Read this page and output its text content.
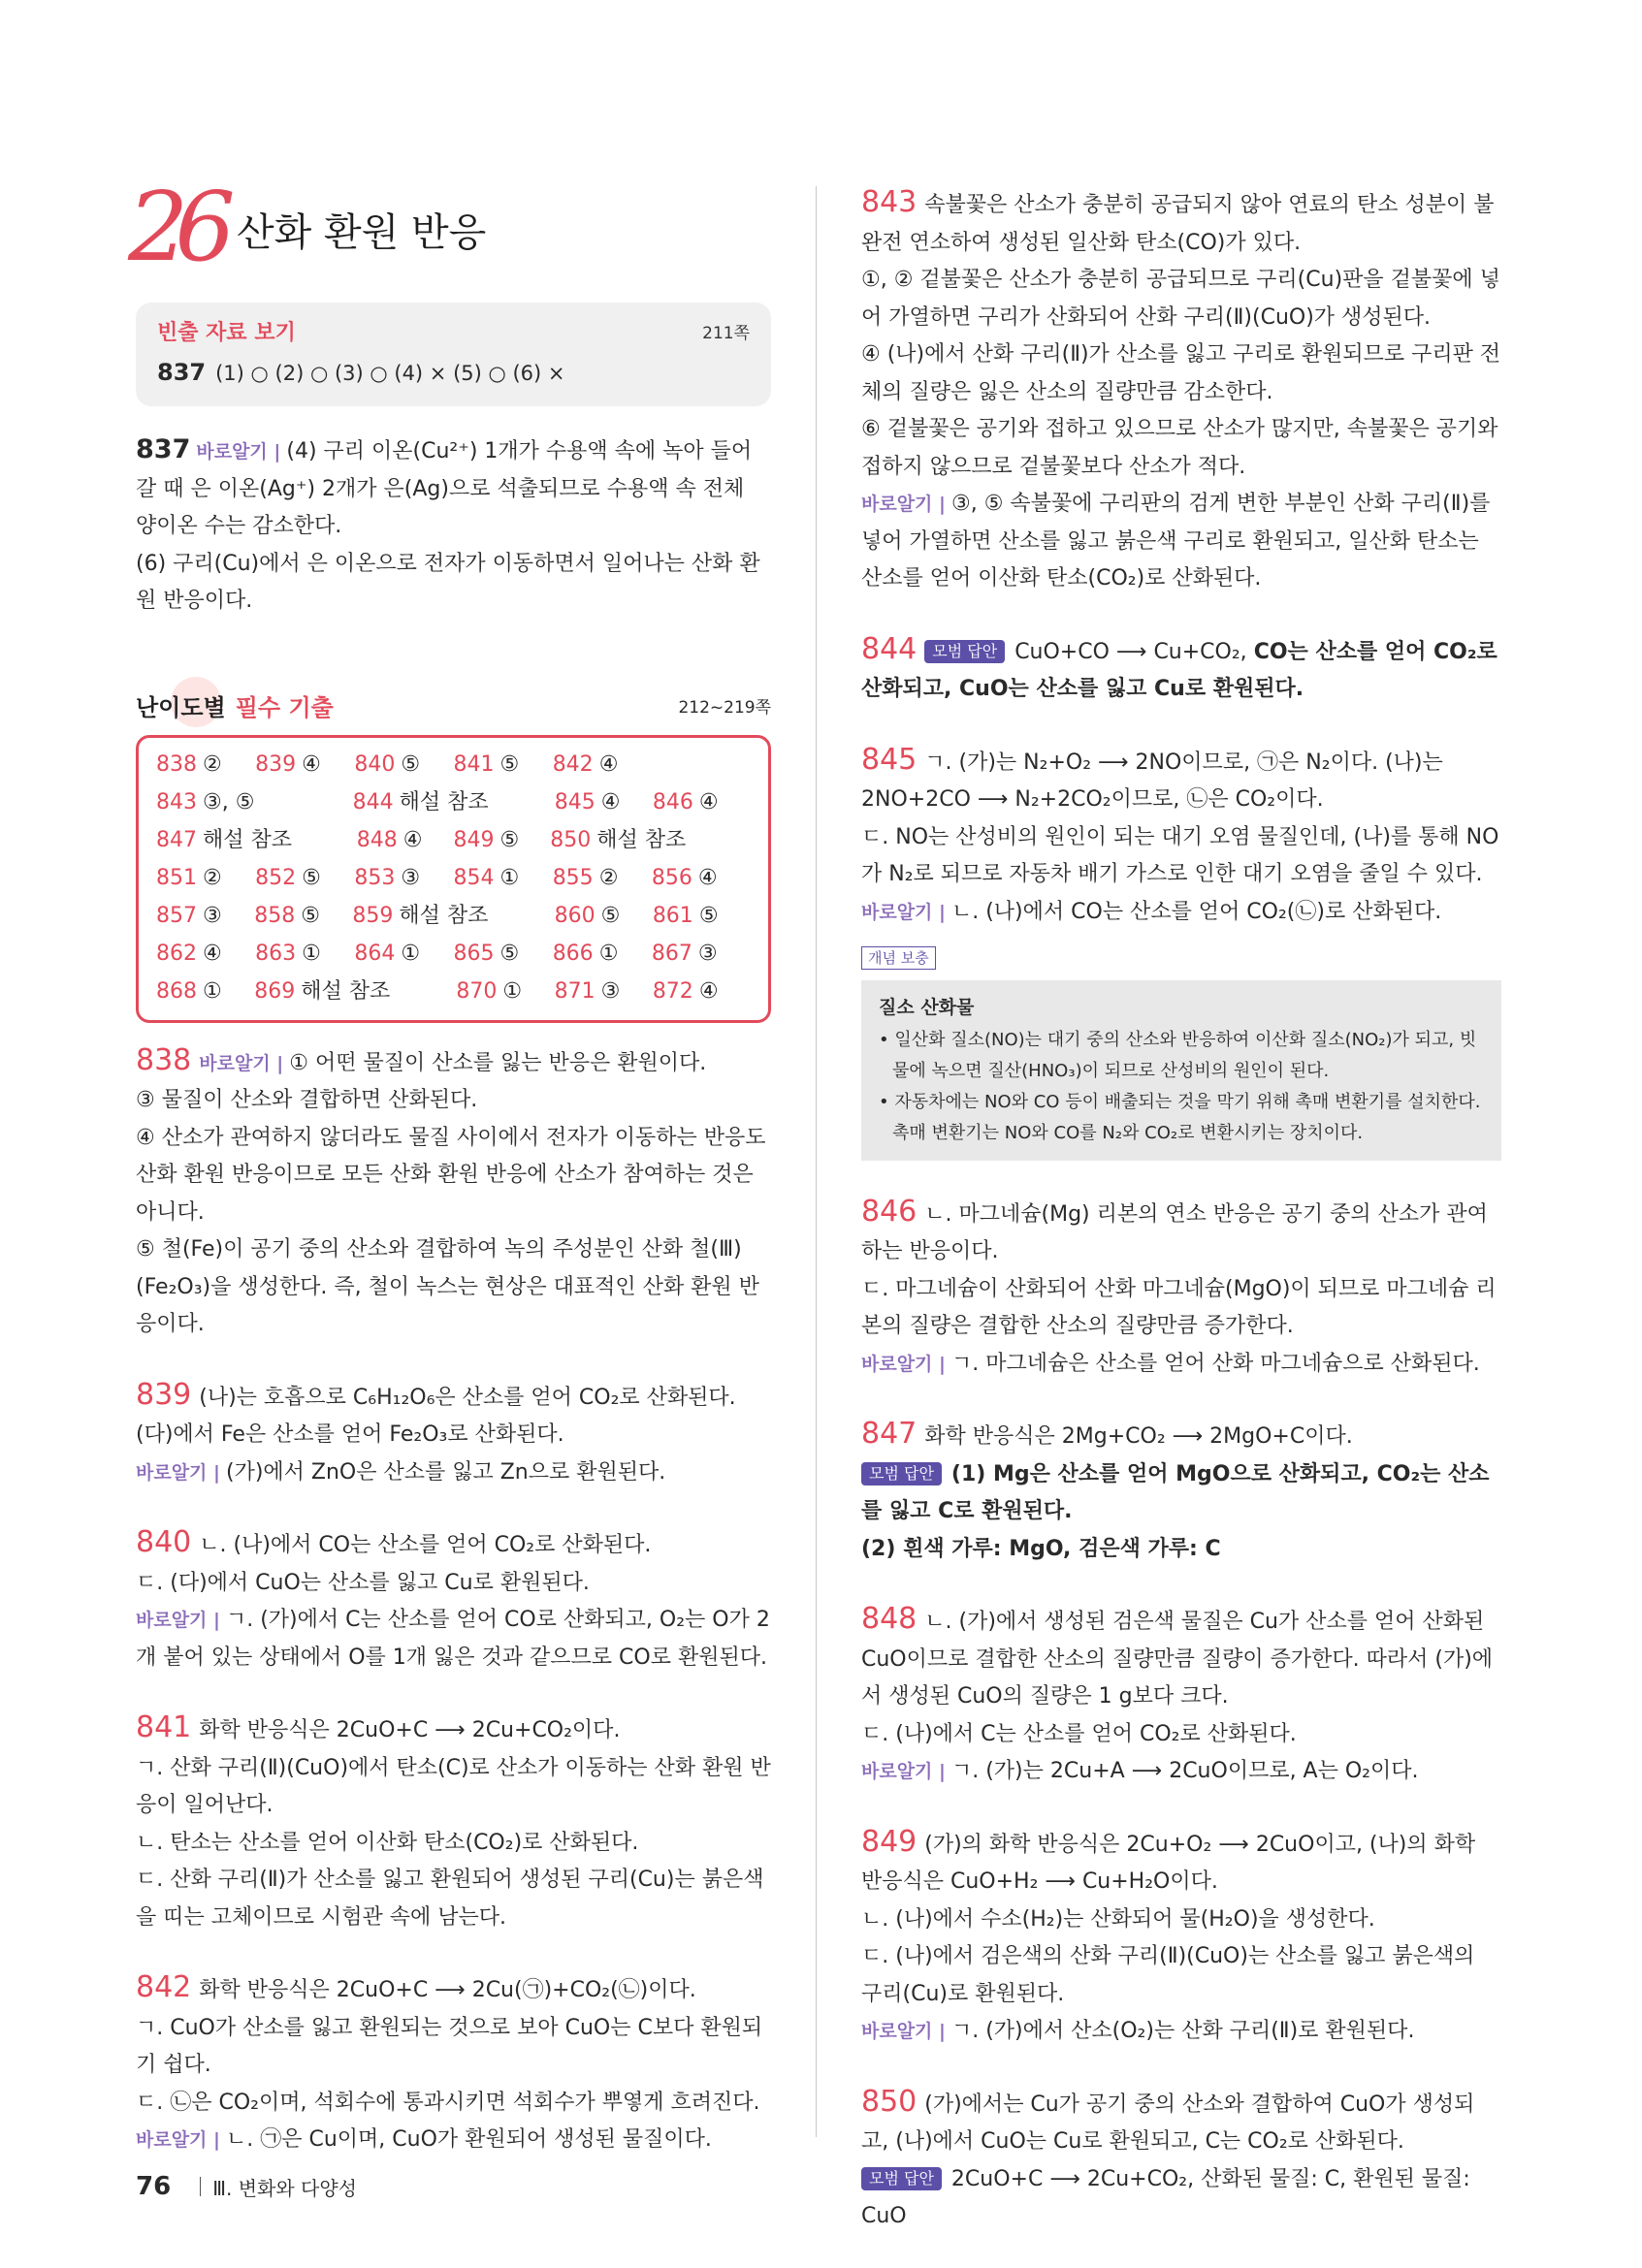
26 산화 환원 반응
빈출 자료 보기	211쪽
837 (1) ○ (2) ○ (3) ○ (4) × (5) ○ (6) ×
837 바로알기 | (4) 구리 이온(Cu²⁺) 1개가 수용액 속에 녹아 들어갈 때 은 이온(Ag⁺) 2개가 은(Ag)으로 석출되므로 수용액 속 전체 양이온 수는 감소한다.
(6) 구리(Cu)에서 은 이온으로 전자가 이동하면서 일어나는 산화 환원 반응이다.
난이도별 필수 기출	212~219쪽
838 ②	839 ④	840 ⑤	841 ⑤	842 ④
843 ③, ⑤	844 해설 참조	845 ④	846 ④
847 해설 참조	848 ④	849 ⑤	850 해설 참조
851 ②	852 ⑤	853 ③	854 ①	855 ②	856 ④
857 ③	858 ⑤	859 해설 참조	860 ⑤	861 ⑤
862 ④	863 ①	864 ①	865 ⑤	866 ①	867 ③
868 ①	869 해설 참조	870 ①	871 ③	872 ④
838 바로알기 | ① 어떤 물질이 산소를 잃는 반응은 환원이다.
③ 물질이 산소와 결합하면 산화된다.
④ 산소가 관여하지 않더라도 물질 사이에서 전자가 이동하는 반응도 산화 환원 반응이므로 모든 산화 환원 반응에 산소가 참여하는 것은 아니다.
⑤ 철(Fe)이 공기 중의 산소와 결합하여 녹의 주성분인 산화 철(Ⅲ)(Fe₂O₃)을 생성한다. 즉, 철이 녹스는 현상은 대표적인 산화 환원 반응이다.
839 (나)는 호흡으로 C₆H₁₂O₆은 산소를 얻어 CO₂로 산화된다.
(다)에서 Fe은 산소를 얻어 Fe₂O₃로 산화된다.
바로알기 | (가)에서 ZnO은 산소를 잃고 Zn으로 환원된다.
840 ㄴ. (나)에서 CO는 산소를 얻어 CO₂로 산화된다.
ㄷ. (다)에서 CuO는 산소를 잃고 Cu로 환원된다.
바로알기 | ㄱ. (가)에서 C는 산소를 얻어 CO로 산화되고, O₂는 O가 2개 붙어 있는 상태에서 O를 1개 잃은 것과 같으므로 CO로 환원된다.
841 화학 반응식은 2CuO+C ⟶ 2Cu+CO₂이다.
ㄱ. 산화 구리(Ⅱ)(CuO)에서 탄소(C)로 산소가 이동하는 산화 환원 반응이 일어난다.
ㄴ. 탄소는 산소를 얻어 이산화 탄소(CO₂)로 산화된다.
ㄷ. 산화 구리(Ⅱ)가 산소를 잃고 환원되어 생성된 구리(Cu)는 붉은색을 띠는 고체이므로 시험관 속에 남는다.
842 화학 반응식은 2CuO+C ⟶ 2Cu(㉠)+CO₂(㉡)이다.
ㄱ. CuO가 산소를 잃고 환원되는 것으로 보아 CuO는 C보다 환원되기 쉽다.
ㄷ. ㉡은 CO₂이며, 석회수에 통과시키면 석회수가 뿌옇게 흐려진다.
바로알기 | ㄴ. ㉠은 Cu이며, CuO가 환원되어 생성된 물질이다.
843 속불꽃은 산소가 충분히 공급되지 않아 연료의 탄소 성분이 불완전 연소하여 생성된 일산화 탄소(CO)가 있다.
①, ② 겉불꽃은 산소가 충분히 공급되므로 구리(Cu)판을 겉불꽃에 넣어 가열하면 구리가 산화되어 산화 구리(Ⅱ)(CuO)가 생성된다.
④ (나)에서 산화 구리(Ⅱ)가 산소를 잃고 구리로 환원되므로 구리판 전체의 질량은 잃은 산소의 질량만큼 감소한다.
⑥ 겉불꽃은 공기와 접하고 있으므로 산소가 많지만, 속불꽃은 공기와 접하지 않으므로 겉불꽃보다 산소가 적다.
바로알기 | ③, ⑤ 속불꽃에 구리판의 검게 변한 부분인 산화 구리(Ⅱ)를 넣어 가열하면 산소를 잃고 붉은색 구리로 환원되고, 일산화 탄소는 산소를 얻어 이산화 탄소(CO₂)로 산화된다.
844 모범 답안 CuO+CO ⟶ Cu+CO₂, CO는 산소를 얻어 CO₂로 산화되고, CuO는 산소를 잃고 Cu로 환원된다.
845 ㄱ. (가)는 N₂+O₂ ⟶ 2NO이므로, ㉠은 N₂이다. (나)는 2NO+2CO ⟶ N₂+2CO₂이므로, ㉡은 CO₂이다.
ㄷ. NO는 산성비의 원인이 되는 대기 오염 물질인데, (나)를 통해 NO가 N₂로 되므로 자동차 배기 가스로 인한 대기 오염을 줄일 수 있다.
바로알기 | ㄴ. (나)에서 CO는 산소를 얻어 CO₂(㉡)로 산화된다.
개념 보충
질소 산화물
• 일산화 질소(NO)는 대기 중의 산소와 반응하여 이산화 질소(NO₂)가 되고, 빗물에 녹으면 질산(HNO₃)이 되므로 산성비의 원인이 된다.
• 자동차에는 NO와 CO 등이 배출되는 것을 막기 위해 촉매 변환기를 설치한다. 촉매 변환기는 NO와 CO를 N₂와 CO₂로 변환시키는 장치이다.
846 ㄴ. 마그네슘(Mg) 리본의 연소 반응은 공기 중의 산소가 관여하는 반응이다.
ㄷ. 마그네슘이 산화되어 산화 마그네슘(MgO)이 되므로 마그네슘 리본의 질량은 결합한 산소의 질량만큼 증가한다.
바로알기 | ㄱ. 마그네슘은 산소를 얻어 산화 마그네슘으로 산화된다.
847 화학 반응식은 2Mg+CO₂ ⟶ 2MgO+C이다.
모범 답안 (1) Mg은 산소를 얻어 MgO으로 산화되고, CO₂는 산소를 잃고 C로 환원된다.
(2) 흰색 가루: MgO, 검은색 가루: C
848 ㄴ. (가)에서 생성된 검은색 물질은 Cu가 산소를 얻어 산화된 CuO이므로 결합한 산소의 질량만큼 질량이 증가한다. 따라서 (가)에서 생성된 CuO의 질량은 1 g보다 크다.
ㄷ. (나)에서 C는 산소를 얻어 CO₂로 산화된다.
바로알기 | ㄱ. (가)는 2Cu+A ⟶ 2CuO이므로, A는 O₂이다.
849 (가)의 화학 반응식은 2Cu+O₂ ⟶ 2CuO이고, (나)의 화학 반응식은 CuO+H₂ ⟶ Cu+H₂O이다.
ㄴ. (나)에서 수소(H₂)는 산화되어 물(H₂O)을 생성한다.
ㄷ. (나)에서 검은색의 산화 구리(Ⅱ)(CuO)는 산소를 잃고 붉은색의 구리(Cu)로 환원된다.
바로알기 | ㄱ. (가)에서 산소(O₂)는 산화 구리(Ⅱ)로 환원된다.
850 (가)에서는 Cu가 공기 중의 산소와 결합하여 CuO가 생성되고, (나)에서 CuO는 Cu로 환원되고, C는 CO₂로 산화된다.
모범 답안 2CuO+C ⟶ 2Cu+CO₂, 산화된 물질: C, 환원된 물질: CuO
76 Ⅲ. 변화와 다양성
